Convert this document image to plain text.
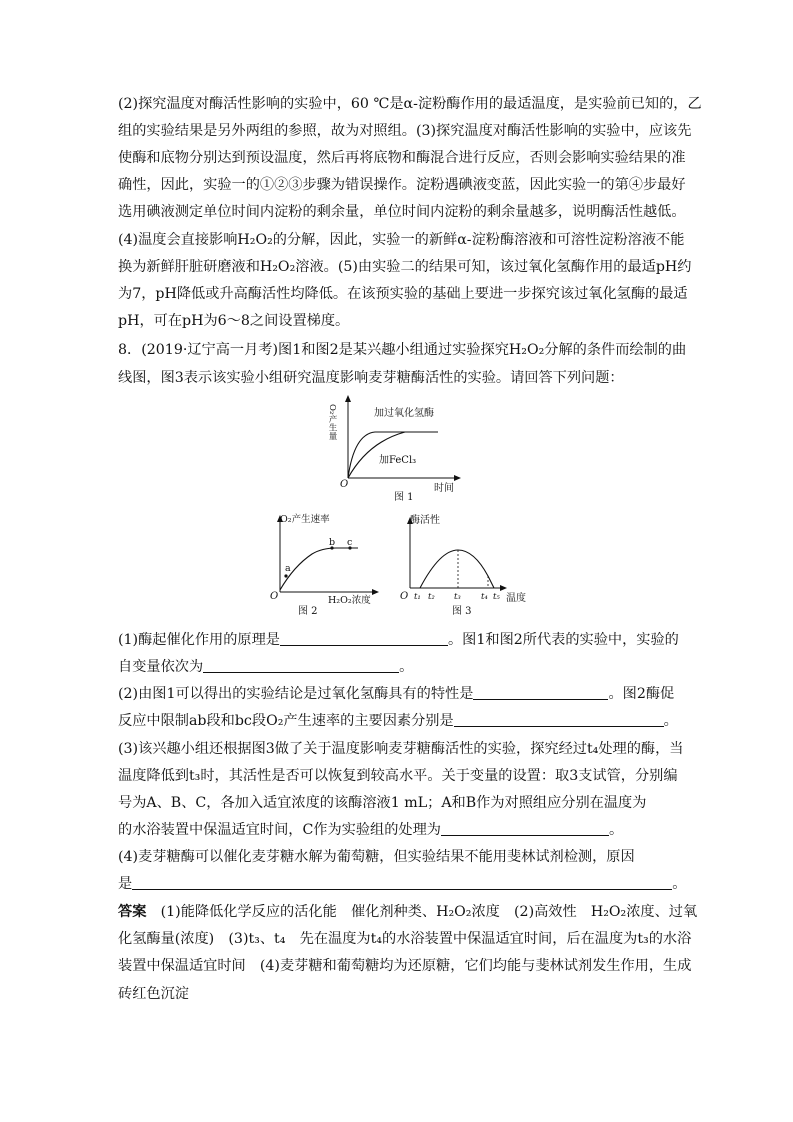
(2)探究温度对酶活性影响的实验中，60 ℃是α-淀粉酶作用的最适温度，是实验前已知的，乙
组的实验结果是另外两组的参照，故为对照组。(3)探究温度对酶活性影响的实验中，应该先
使酶和底物分别达到预设温度，然后再将底物和酶混合进行反应，否则会影响实验结果的准
确性，因此，实验一的①②③步骤为错误操作。淀粉遇碘液变蓝，因此实验一的第④步最好
选用碘液测定单位时间内淀粉的剩余量，单位时间内淀粉的剩余量越多，说明酶活性越低。
(4)温度会直接影响H₂O₂的分解，因此，实验一的新鲜α-淀粉酶溶液和可溶性淀粉溶液不能
换为新鲜肝脏研磨液和H₂O₂溶液。(5)由实验二的结果可知，该过氧化氢酶作用的最适pH约
为7，pH降低或升高酶活性均降低。在该预实验的基础上要进一步探究该过氧化氢酶的最适
pH，可在pH为6～8之间设置梯度。
8．(2019·辽宁高一月考)图1和图2是某兴趣小组通过实验探究H₂O₂分解的条件而绘制的曲
线图，图3表示该实验小组研究温度影响麦芽糖酶活性的实验。请回答下列问题：
O₂产生量	加过氧化氢酶
加FeCl₃
O	时间
图 1
O₂产生速率
a
b c
O	H₂O₂浓度
图 2
酶活性
O t₁ t₂ t₃ t₄ t₅ 温度
图 3
(1)酶起催化作用的原理是	。图1和图2所代表的实验中，实验的
自变量依次为	。
(2)由图1可以得出的实验结论是过氧化氢酶具有的特性是	。图2酶促
反应中限制ab段和bc段O₂产生速率的主要因素分别是	。
(3)该兴趣小组还根据图3做了关于温度影响麦芽糖酶活性的实验，探究经过t₄处理的酶，当
温度降低到t₃时，其活性是否可以恢复到较高水平。关于变量的设置：取3支试管，分别编
号为A、B、C，各加入适宜浓度的该酶溶液1 mL；A和B作为对照组应分别在温度为
的水浴装置中保温适宜时间，C作为实验组的处理为	。
(4)麦芽糖酶可以催化麦芽糖水解为葡萄糖，但实验结果不能用斐林试剂检测，原因
是	。
答案　 (1)能降低化学反应的活化能　催化剂种类、H₂O₂浓度　(2)高效性　H₂O₂浓度、过氧
化氢酶量(浓度)　(3)t₃、t₄　先在温度为t₄的水浴装置中保温适宜时间，后在温度为t₃的水浴
装置中保温适宜时间　(4)麦芽糖和葡萄糖均为还原糖，它们均能与斐林试剂发生作用，生成
砖红色沉淀
